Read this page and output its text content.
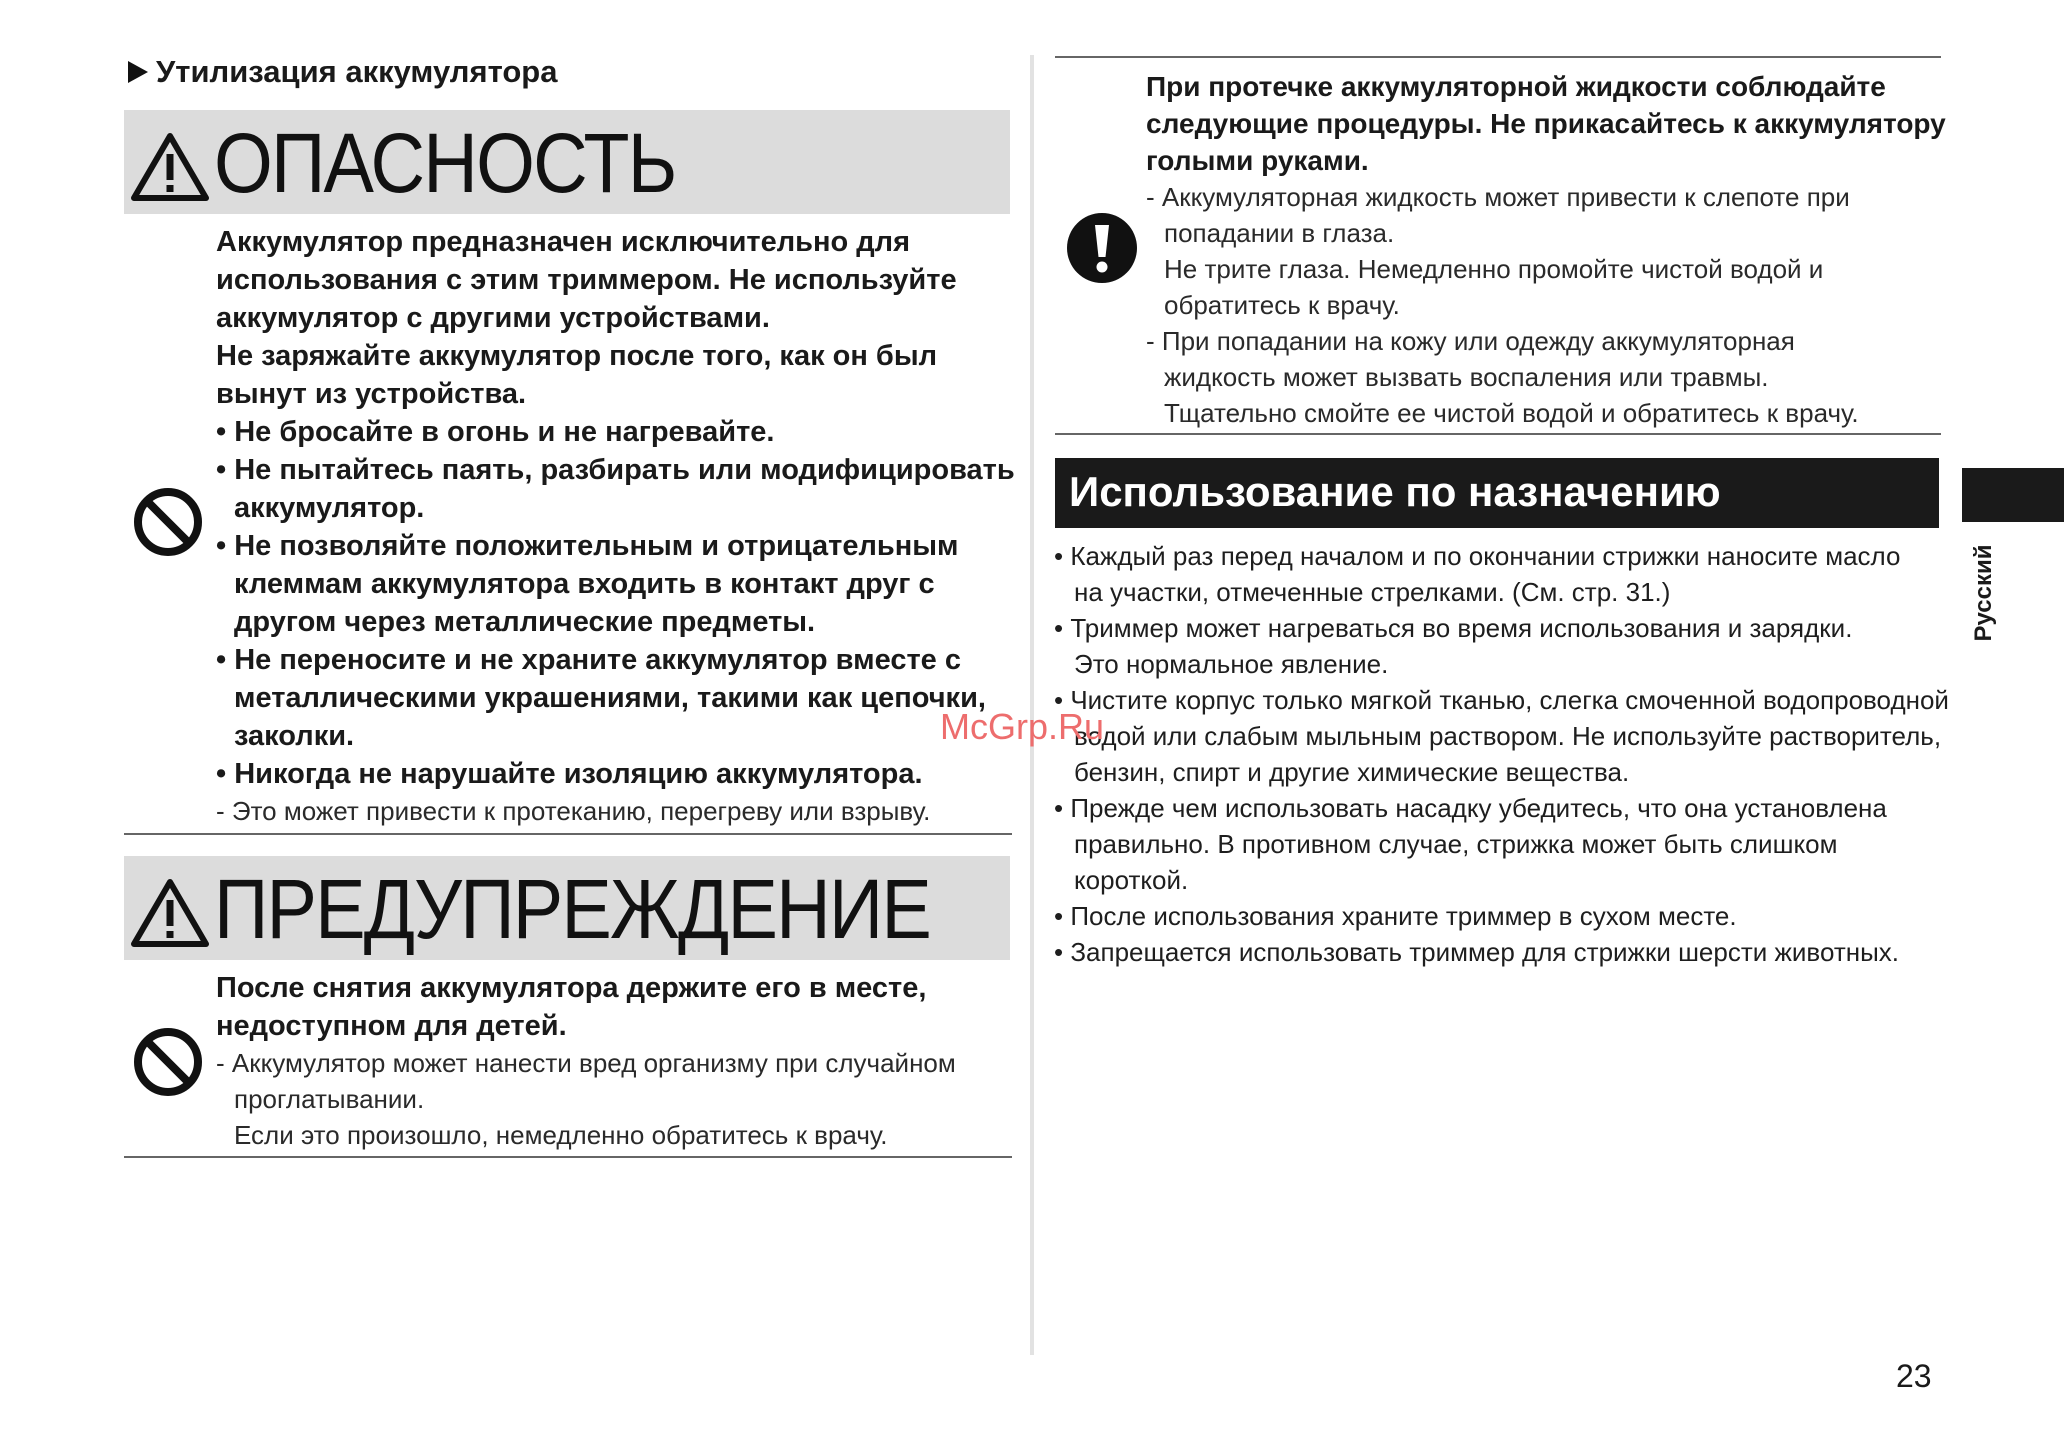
Утилизация аккумулятора
ОПАСНОСТЬ

Аккумулятор предназначен исключительно для

использования с этим триммером. Не используйте

аккумулятор с другими устройствами.

Не заряжайте аккумулятор после того, как он был

вынут из устройства.

• Не бросайте в огонь и не нагревайте.
• Не пытайтесь паять, разбирать или модифицировать
аккумулятор.
• Не позволяйте положительным и отрицательным
клеммам аккумулятора входить в контакт друг с
другом через металлические предметы.
• Не переносите и не храните аккумулятор вместе с
металлическими украшениями, такими как цепочки,
заколки.
• Никогда не нарушайте изоляцию аккумулятора.

- Это может привести к протеканию, перегреву или взрыву.

ПРЕДУПРЕЖДЕНИЕ

После снятия аккумулятора держите его в месте,

недоступном для детей.

- Аккумулятор может нанести вред организму при случайном

проглатывании.

Если это произошло, немедленно обратитесь к врачу.

При протечке аккумуляторной жидкости соблюдайте
следующие процедуры. Не прикасайтесь к аккумулятору
голыми руками.
- Аккумуляторная жидкость может привести к слепоте при
попадании в глаза.
Не трите глаза. Немедленно промойте чистой водой и
обратитесь к врачу.
- При попадании на кожу или одежду аккумуляторная
жидкость может вызвать воспаления или травмы.
Тщательно смойте ее чистой водой и обратитесь к врачу.
Использование по назначению

• Каждый раз перед началом и по окончании стрижки наносите масло
на участки, отмеченные стрелками. (См. стр. 31.)

• Триммер может нагреваться во время использования и зарядки.
Это нормальное явление.

• Чистите корпус только мягкой тканью, слегка смоченной водопроводной
водой или слабым мыльным раствором. Не используйте растворитель,
бензин, спирт и другие химические вещества.

• Прежде чем использовать насадку убедитесь, что она установлена
правильно. В противном случае, стрижка может быть слишком
короткой.

• После использования храните триммер в сухом месте.

• Запрещается использовать триммер для стрижки шерсти животных.

Русский
23
McGrp.Ru
